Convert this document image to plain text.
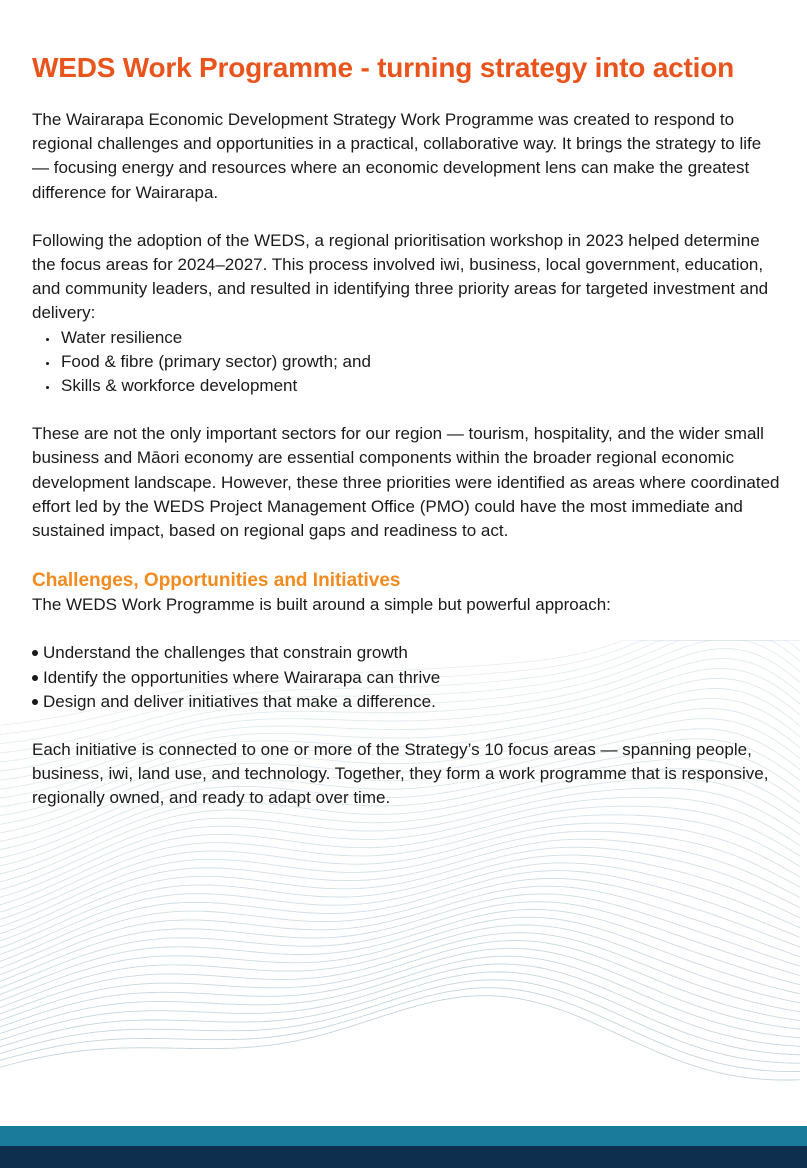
WEDS Work Programme - turning strategy into action

The Wairarapa Economic Development Strategy Work Programme was created to respond to regional challenges and opportunities in a practical, collaborative way. It brings the strategy to life — focusing energy and resources where an economic development lens can make the greatest difference for Wairarapa.

Following the adoption of the WEDS, a regional prioritisation workshop in 2023 helped determine the focus areas for 2024–2027. This process involved iwi, business, local government, education, and community leaders, and resulted in identifying three priority areas for targeted investment and delivery:

Water resilience
Food & fibre (primary sector) growth; and
Skills & workforce development

These are not the only important sectors for our region — tourism, hospitality, and the wider small business and Māori economy are essential components within the broader regional economic development landscape. However, these three priorities were identified as areas where coordinated effort led by the WEDS Project Management Office (PMO) could have the most immediate and sustained impact, based on regional gaps and readiness to act.

Challenges, Opportunities and Initiatives

The WEDS Work Programme is built around a simple but powerful approach:

Understand the challenges that constrain growth
Identify the opportunities where Wairarapa can thrive
Design and deliver initiatives that make a difference.

Each initiative is connected to one or more of the Strategy’s 10 focus areas — spanning people, business, iwi, land use, and technology. Together, they form a work programme that is responsive, regionally owned, and ready to adapt over time.
